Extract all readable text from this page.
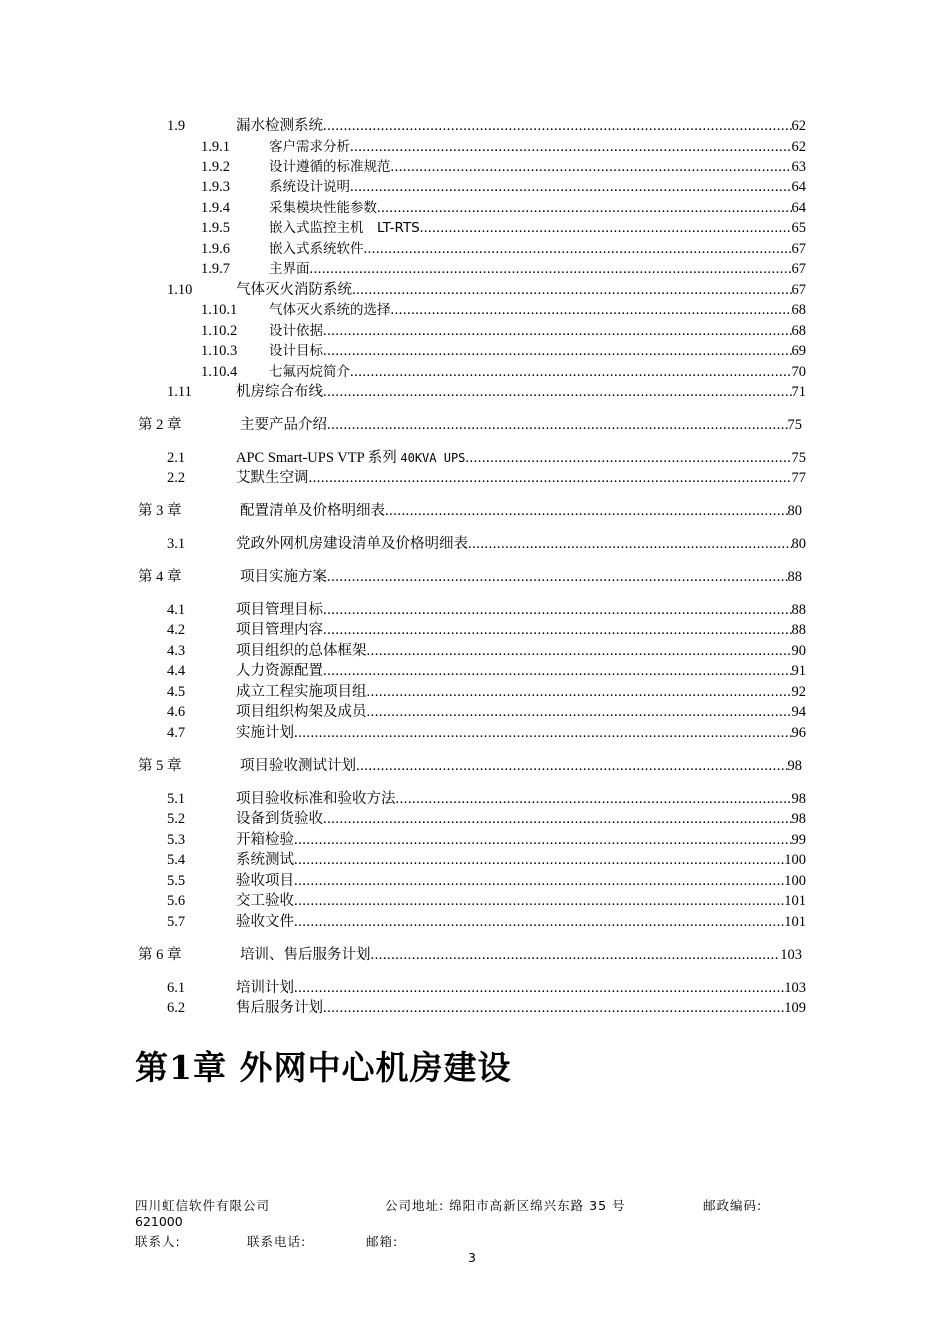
1.9	漏水检测系统 .....	62
1.9.1	客户需求分析 .....	62
1.9.2	设计遵循的标准规范 .....	63
1.9.3	系统设计说明 .....	64
1.9.4	采集模块性能参数 .....	64
1.9.5	嵌入式监控主机　LT-RTS .....	65
1.9.6	嵌入式系统软件 .....	67
1.9.7	主界面 .....	67
1.10	气体灭火消防系统 .....	67
1.10.1	气体灭火系统的选择 .....	68
1.10.2	设计依据 .....	68
1.10.3	设计目标 .....	69
1.10.4	七氟丙烷简介 .....	70
1.11	机房综合布线 .....	71
第 2 章	主要产品介绍 .....	75
2.1	APC Smart-UPS VTP 系列 40KVA UPS .....	75
2.2	艾默生空调 .....	77
第 3 章	配置清单及价格明细表 .....	80
3.1	党政外网机房建设清单及价格明细表 .....	80
第 4 章	项目实施方案 .....	88
4.1	项目管理目标 .....	88
4.2	项目管理内容 .....	88
4.3	项目组织的总体框架 .....	90
4.4	人力资源配置 .....	91
4.5	成立工程实施项目组 .....	92
4.6	项目组织构架及成员 .....	94
4.7	实施计划 .....	96
第 5 章	项目验收测试计划 .....	98
5.1	项目验收标准和验收方法 .....	98
5.2	设备到货验收 .....	98
5.3	开箱检验 .....	99
5.4	系统测试 .....	100
5.5	验收项目 .....	100
5.6	交工验收 .....	101
5.7	验收文件 .....	101
第 6 章	培训、售后服务计划 .....	103
6.1	培训计划 .....	103
6.2	售后服务计划 .....	109
第1章 外网中心机房建设
四川虹信软件有限公司	公司地址: 绵阳市高新区绵兴东路 35 号	邮政编码:
621000
联系人:	联系电话:	邮箱:
3
